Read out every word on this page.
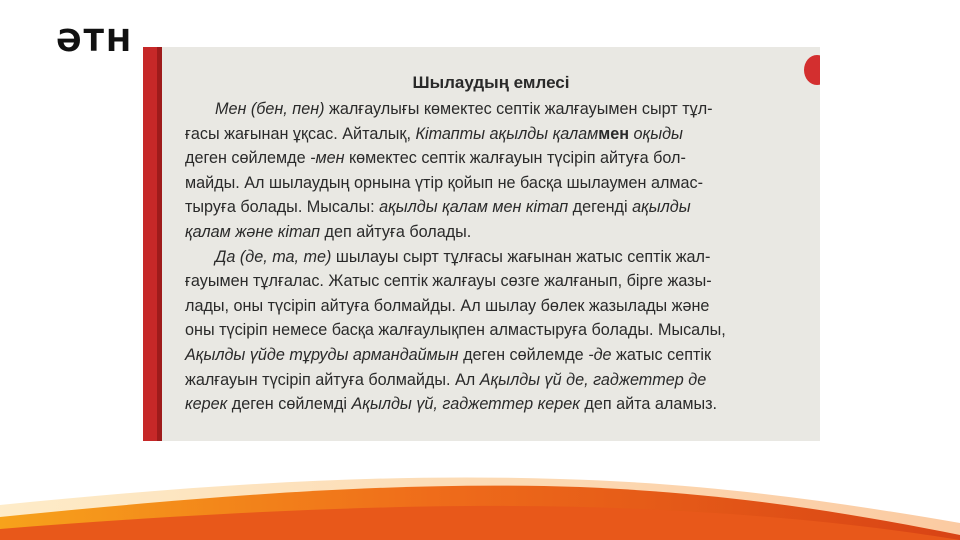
ӘТН
Шылаудың емлесі
Мен (бен, пен) жалғаулығы көмектес септік жалғауымен сырт тұл-
ғасы жағынан ұқсас. Айталық, Кітапты ақылды қаламмен оқыды
деген сөйлемде -мен көмектес септік жалғауын түсіріп айтуға бол-
майды. Ал шылаудың орнына үтір қойып не басқа шылаумен алмас-
тыруға болады. Мысалы: ақылды қалам мен кітап дегенді ақылды
қалам және кітап деп айтуға болады.
Да (де, та, те) шылауы сырт тұлғасы жағынан жатыс септік жал-
ғауымен тұлғалас. Жатыс септік жалғауы сөзге жалғанып, бірге жазы-
лады, оны түсіріп айтуға болмайды. Ал шылау бөлек жазылады және
оны түсіріп немесе басқа жалғаулықпен алмастыруға болады. Мысалы,
Ақылды үйде тұруды армандаймын деген сөйлемде -де жатыс септік
жалғауын түсіріп айтуға болмайды. Ал Ақылды үй де, гаджеттер де
керек деген сөйлемді Ақылды үй, гаджеттер керек деп айта аламыз.
